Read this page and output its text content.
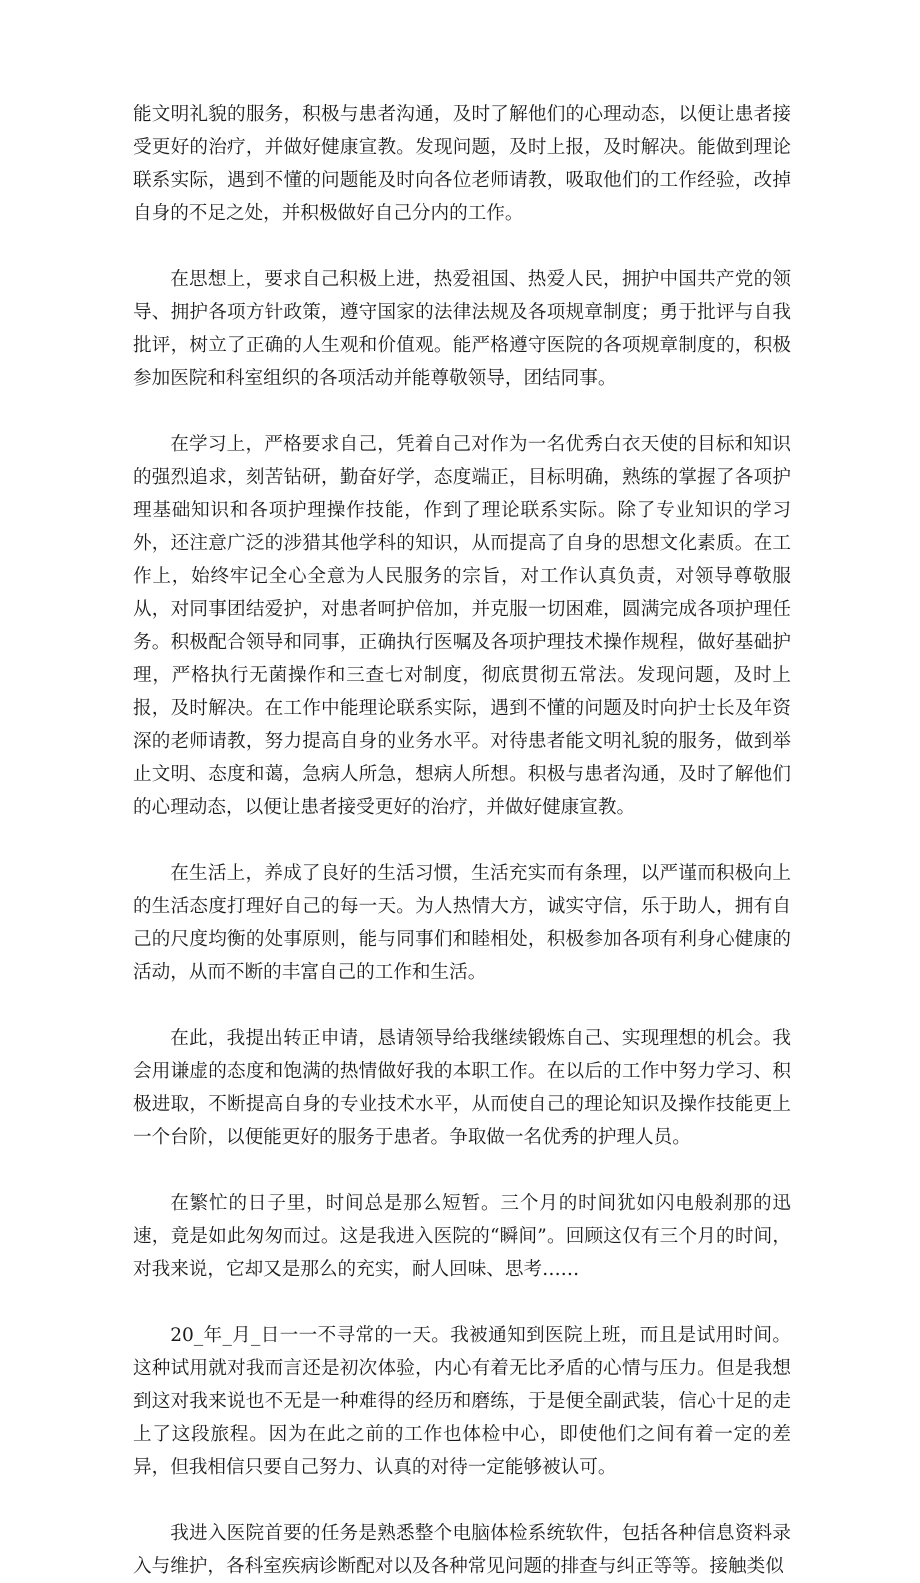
能文明礼貌的服务，积极与患者沟通，及时了解他们的心理动态，以便让患者接受更好的治疗，并做好健康宣教。发现问题，及时上报，及时解决。能做到理论联系实际，遇到不懂的问题能及时向各位老师请教，吸取他们的工作经验，改掉自身的不足之处，并积极做好自己分内的工作。

在思想上，要求自己积极上进，热爱祖国、热爱人民，拥护中国共产党的领导、拥护各项方针政策，遵守国家的法律法规及各项规章制度；勇于批评与自我批评，树立了正确的人生观和价值观。能严格遵守医院的各项规章制度的，积极参加医院和科室组织的各项活动并能尊敬领导，团结同事。

在学习上，严格要求自己，凭着自己对作为一名优秀白衣天使的目标和知识的强烈追求，刻苦钻研，勤奋好学，态度端正，目标明确，熟练的掌握了各项护理基础知识和各项护理操作技能，作到了理论联系实际。除了专业知识的学习外，还注意广泛的涉猎其他学科的知识，从而提高了自身的思想文化素质。在工作上，始终牢记全心全意为人民服务的宗旨，对工作认真负责，对领导尊敬服从，对同事团结爱护，对患者呵护倍加，并克服一切困难，圆满完成各项护理任务。积极配合领导和同事，正确执行医嘱及各项护理技术操作规程，做好基础护理，严格执行无菌操作和三查七对制度，彻底贯彻五常法。发现问题，及时上报，及时解决。在工作中能理论联系实际，遇到不懂的问题及时向护士长及年资深的老师请教，努力提高自身的业务水平。对待患者能文明礼貌的服务，做到举止文明、态度和蔼，急病人所急，想病人所想。积极与患者沟通，及时了解他们的心理动态，以便让患者接受更好的治疗，并做好健康宣教。

在生活上，养成了良好的生活习惯，生活充实而有条理，以严谨而积极向上的生活态度打理好自己的每一天。为人热情大方，诚实守信，乐于助人，拥有自己的尺度均衡的处事原则，能与同事们和睦相处，积极参加各项有利身心健康的活动，从而不断的丰富自己的工作和生活。

在此，我提出转正申请，恳请领导给我继续锻炼自己、实现理想的机会。我会用谦虚的态度和饱满的热情做好我的本职工作。在以后的工作中努力学习、积极进取，不断提高自身的专业技术水平，从而使自己的理论知识及操作技能更上一个台阶，以便能更好的服务于患者。争取做一名优秀的护理人员。

在繁忙的日子里，时间总是那么短暂。三个月的时间犹如闪电般刹那的迅速，竟是如此匆匆而过。这是我进入医院的“瞬间”。回顾这仅有三个月的时间，对我来说，它却又是那么的充实，耐人回味、思考……

20_年_月_日一一不寻常的一天。我被通知到医院上班，而且是试用时间。这种试用就对我而言还是初次体验，内心有着无比矛盾的心情与压力。但是我想到这对我来说也不无是一种难得的经历和磨练，于是便全副武装，信心十足的走上了这段旅程。因为在此之前的工作也体检中心，即使他们之间有着一定的差异，但我相信只要自己努力、认真的对待一定能够被认可。

我进入医院首要的任务是熟悉整个电脑体检系统软件，包括各种信息资料录入与维护，各科室疾病诊断配对以及各种常见问题的排查与纠正等等。接触类似
